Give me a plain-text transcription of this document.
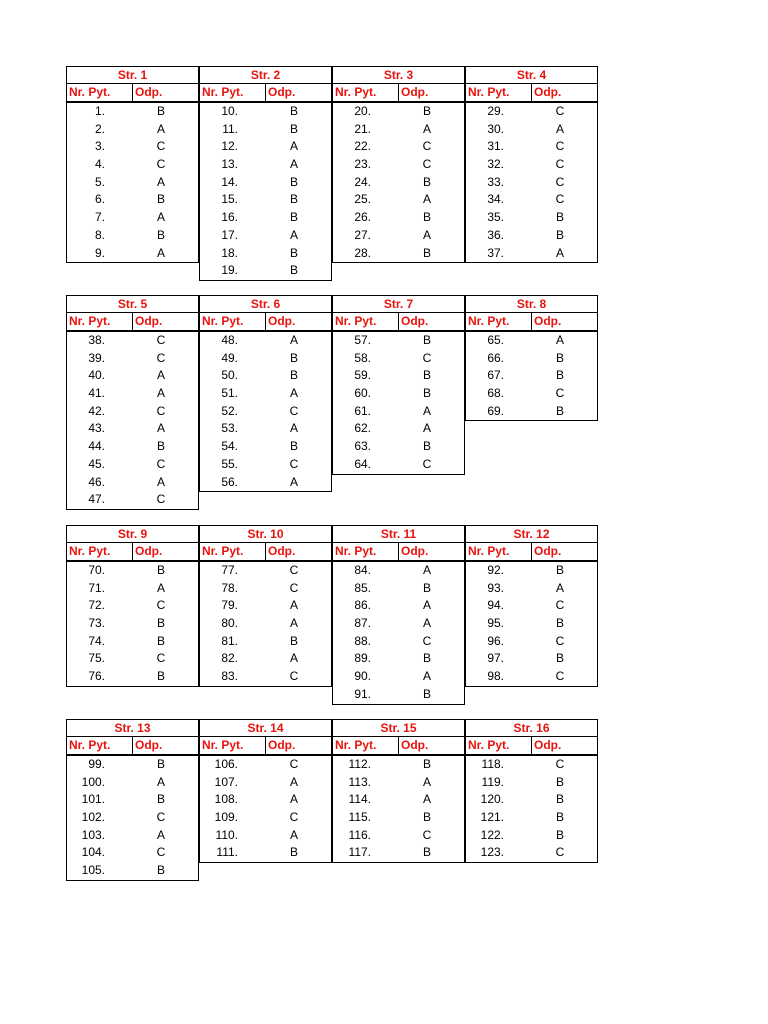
Str. 1
Nr. Pyt.	Odp.
1.	B
2.	A
3.	C
4.	C
5.	A
6.	B
7.	A
8.	B
9.	A
Str. 2
Nr. Pyt.	Odp.
10.	B
11.	B
12.	A
13.	A
14.	B
15.	B
16.	B
17.	A
18.	B
19.	B
Str. 3
Nr. Pyt.	Odp.
20.	B
21.	A
22.	C
23.	C
24.	B
25.	A
26.	B
27.	A
28.	B
Str. 4
Nr. Pyt.	Odp.
29.	C
30.	A
31.	C
32.	C
33.	C
34.	C
35.	B
36.	B
37.	A
Str. 5
Nr. Pyt.	Odp.
38.	C
39.	C
40.	A
41.	A
42.	C
43.	A
44.	B
45.	C
46.	A
47.	C
Str. 6
Nr. Pyt.	Odp.
48.	A
49.	B
50.	B
51.	A
52.	C
53.	A
54.	B
55.	C
56.	A
Str. 7
Nr. Pyt.	Odp.
57.	B
58.	C
59.	B
60.	B
61.	A
62.	A
63.	B
64.	C
Str. 8
Nr. Pyt.	Odp.
65.	A
66.	B
67.	B
68.	C
69.	B
Str. 9
Nr. Pyt.	Odp.
70.	B
71.	A
72.	C
73.	B
74.	B
75.	C
76.	B
Str. 10
Nr. Pyt.	Odp.
77.	C
78.	C
79.	A
80.	A
81.	B
82.	A
83.	C
Str. 11
Nr. Pyt.	Odp.
84.	A
85.	B
86.	A
87.	A
88.	C
89.	B
90.	A
91.	B
Str. 12
Nr. Pyt.	Odp.
92.	B
93.	A
94.	C
95.	B
96.	C
97.	B
98.	C
Str. 13
Nr. Pyt.	Odp.
99.	B
100.	A
101.	B
102.	C
103.	A
104.	C
105.	B
Str. 14
Nr. Pyt.	Odp.
106.	C
107.	A
108.	A
109.	C
110.	A
111.	B
Str. 15
Nr. Pyt.	Odp.
112.	B
113.	A
114.	A
115.	B
116.	C
117.	B
Str. 16
Nr. Pyt.	Odp.
118.	C
119.	B
120.	B
121.	B
122.	B
123.	C
